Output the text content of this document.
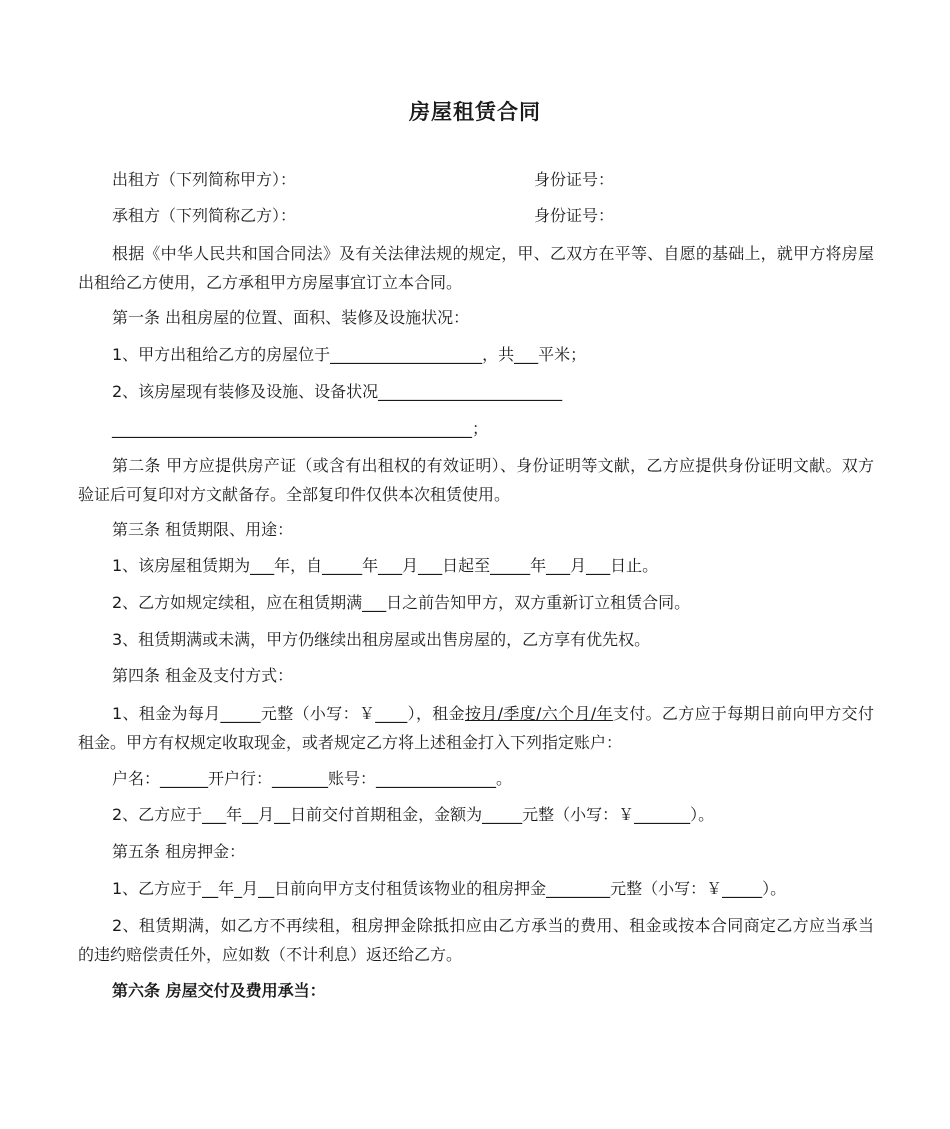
房屋租赁合同
出租方（下列简称甲方）：	身份证号：
承租方（下列简称乙方）：	身份证号：
根据《中华人民共和国合同法》及有关法律法规的规定，甲、乙双方在平等、自愿的基础上，就甲方将房屋出租给乙方使用，乙方承租甲方房屋事宜订立本合同。
第一条 出租房屋的位置、面积、装修及设施状况：
1、甲方出租给乙方的房屋位于___________________，共___平米；
2、该房屋现有装修及设施、设备状况_______________________
_____________________________________________；
第二条 甲方应提供房产证（或含有出租权的有效证明）、身份证明等文献，乙方应提供身份证明文献。双方验证后可复印对方文献备存。全部复印件仅供本次租赁使用。
第三条 租赁期限、用途：
1、该房屋租赁期为___年，自_____年___月___日起至_____年___月___日止。
2、乙方如规定续租，应在租赁期满___日之前告知甲方，双方重新订立租赁合同。
3、租赁期满或未满，甲方仍继续出租房屋或出售房屋的，乙方享有优先权。
第四条 租金及支付方式：
1、租金为每月_____元整（小写：￥____），租金按月/季度/六个月/年支付。乙方应于每期日前向甲方交付租金。甲方有权规定收取现金，或者规定乙方将上述租金打入下列指定账户：
户名：______开户行：_______账号：_______________。
2、乙方应于___年__月__日前交付首期租金，金额为_____元整（小写：￥_______）。
第五条 租房押金：
1、乙方应于__年_月__日前向甲方支付租赁该物业的租房押金________元整（小写：￥_____）。
2、租赁期满，如乙方不再续租，租房押金除抵扣应由乙方承当的费用、租金或按本合同商定乙方应当承当的违约赔偿责任外，应如数（不计利息）返还给乙方。
第六条 房屋交付及费用承当：
